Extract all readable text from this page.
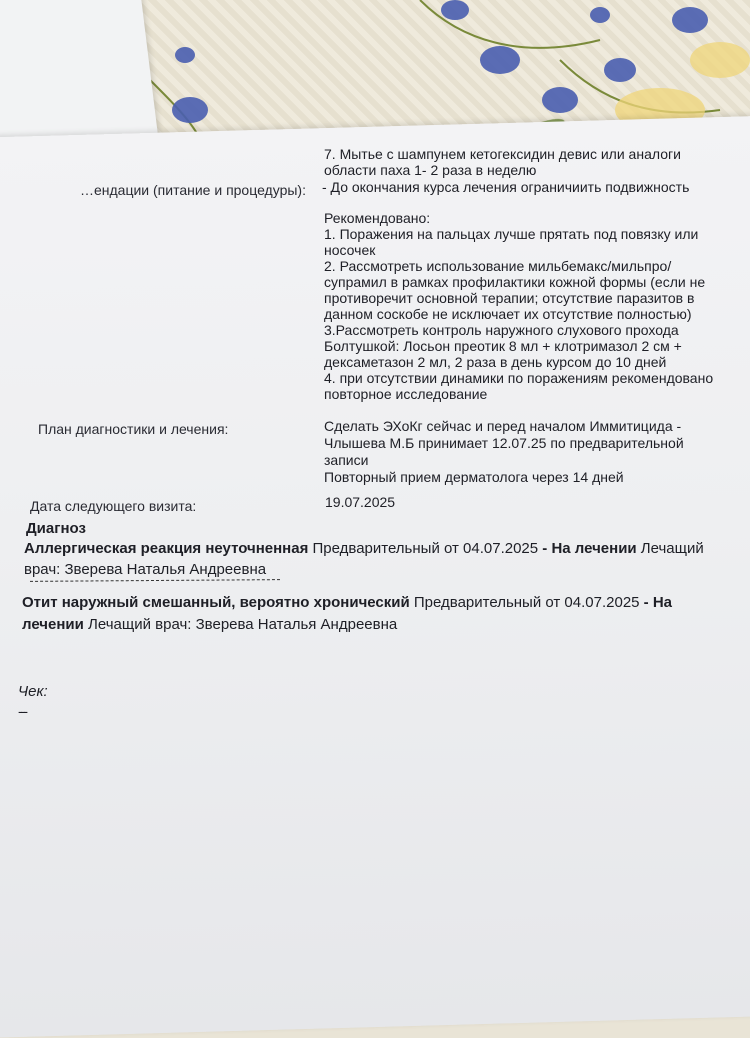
7. Мытье с шампунем кетогексидин девис или аналоги
области паха 1- 2 раза в неделю
…ендации (питание и процедуры): - До окончания курса лечения ограничиить подвижность
Рекомендовано:
1. Поражения на пальцах лучше прятать под повязку или
носочек
2. Рассмотреть использование мильбемакс/мильпро/
супрамил в рамках профилактики кожной формы (если не
противоречит основной терапии; отсутствие паразитов в
данном соскобе не исключает их отсутствие полностью)
3.Рассмотреть контроль наружного слухового прохода
Болтушкой: Лосьон преотик 8 мл + клотримазол 2 см +
дексаметазон 2 мл, 2 раза в день курсом до 10 дней
4. при отсутствии динамики по поражениям рекомендовано
повторное исследование
План диагностики и лечения:	Сделать ЭХоКг сейчас и перед началом Иммитицида -
Члышева М.Б принимает 12.07.25 по предварительной
записи
Повторный прием дерматолога через 14 дней
Дата следующего визита:	19.07.2025
Диагноз
Аллергическая реакция неуточненная Предварительный от 04.07.2025 - На лечении Лечащий
врач: Зверева Наталья Андреевна
Отит наружный смешанный, вероятно хронический Предварительный от 04.07.2025 - На
лечении Лечащий врач: Зверева Наталья Андреевна
Чек:
---
